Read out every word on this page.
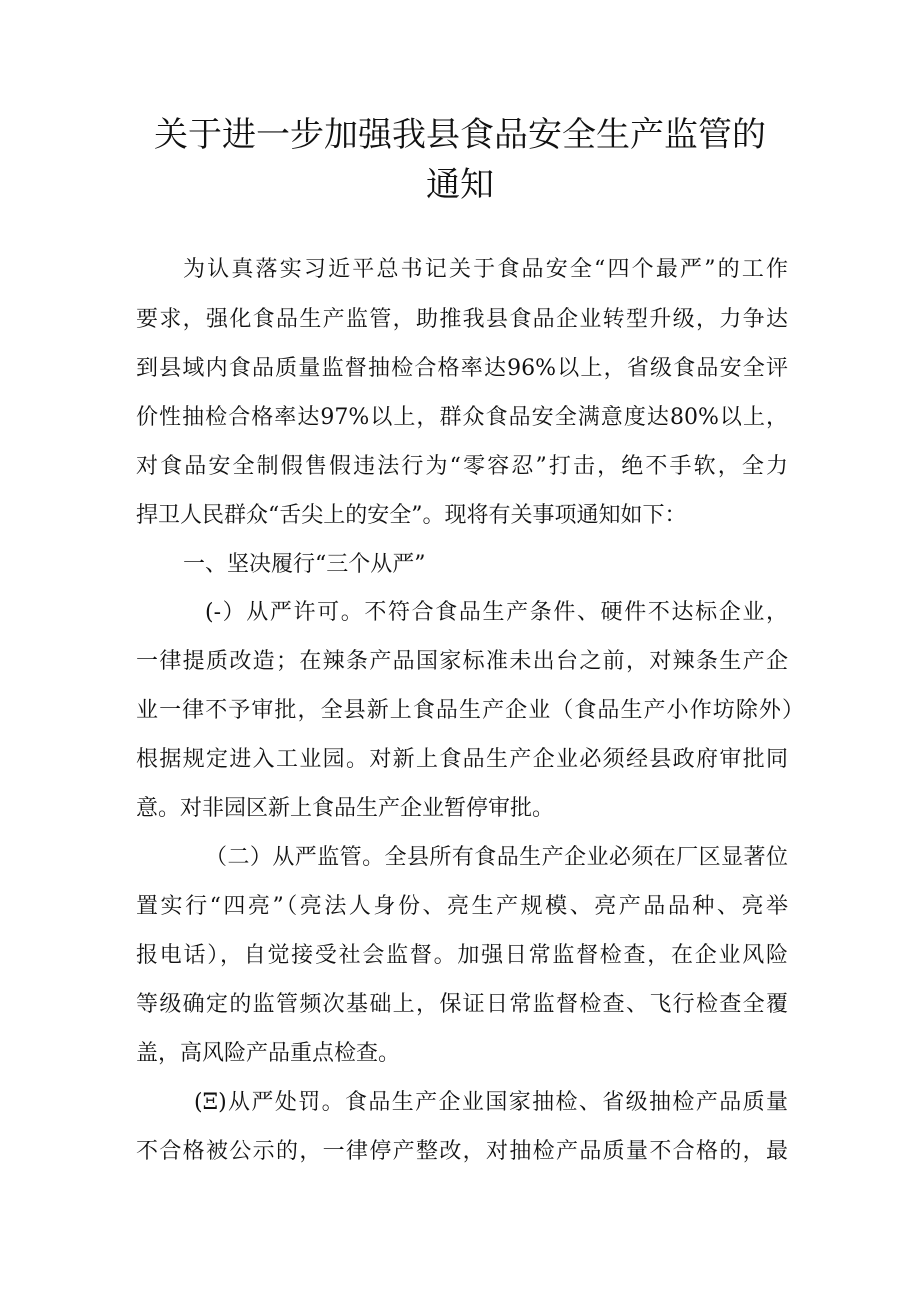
关于进一步加强我县食品安全生产监管的
通知
为认真落实习近平总书记关于食品安全“四个最严”的工作
要求，强化食品生产监管，助推我县食品企业转型升级，力争达
到县域内食品质量监督抽检合格率达96%以上，省级食品安全评
价性抽检合格率达97%以上，群众食品安全满意度达80%以上，
对食品安全制假售假违法行为“零容忍”打击，绝不手软，全力
捍卫人民群众“舌尖上的安全”。现将有关事项通知如下：
一、坚决履行“三个从严”
(-）从严许可。不符合食品生产条件、硬件不达标企业，
一律提质改造；在辣条产品国家标准未出台之前，对辣条生产企
业一律不予审批，全县新上食品生产企业（食品生产小作坊除外）
根据规定进入工业园。对新上食品生产企业必须经县政府审批同
意。对非园区新上食品生产企业暂停审批。
（二）从严监管。全县所有食品生产企业必须在厂区显著位
置实行“四亮”（亮法人身份、亮生产规模、亮产品品种、亮举
报电话），自觉接受社会监督。加强日常监督检查，在企业风险
等级确定的监管频次基础上，保证日常监督检查、飞行检查全覆
盖，高风险产品重点检查。
(Ξ)从严处罚。食品生产企业国家抽检、省级抽检产品质量
不合格被公示的，一律停产整改，对抽检产品质量不合格的，最
